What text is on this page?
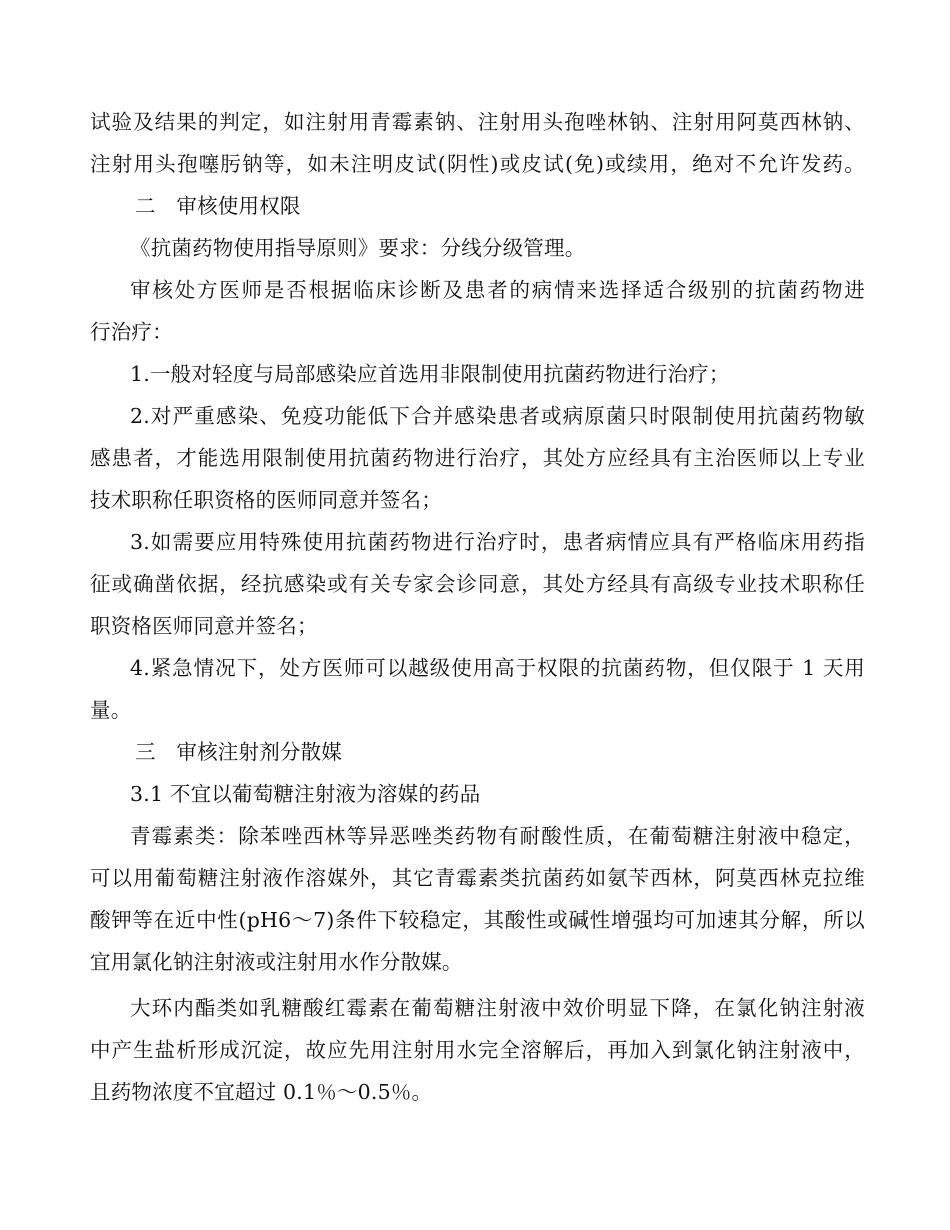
试验及结果的判定，如注射用青霉素钠、注射用头孢唑林钠、注射用阿莫西林钠、
注射用头孢噻肟钠等，如未注明皮试(阴性)或皮试(免)或续用，绝对不允许发药。
二　审核使用权限
《抗菌药物使用指导原则》要求：分线分级管理。
审核处方医师是否根据临床诊断及患者的病情来选择适合级别的抗菌药物进
行治疗：
1.一般对轻度与局部感染应首选用非限制使用抗菌药物进行治疗；
2.对严重感染、免疫功能低下合并感染患者或病原菌只时限制使用抗菌药物敏
感患者，才能选用限制使用抗菌药物进行治疗，其处方应经具有主治医师以上专业
技术职称任职资格的医师同意并签名；
3.如需要应用特殊使用抗菌药物进行治疗时，患者病情应具有严格临床用药指
征或确凿依据，经抗感染或有关专家会诊同意，其处方经具有高级专业技术职称任
职资格医师同意并签名；
4.紧急情况下，处方医师可以越级使用高于权限的抗菌药物，但仅限于 1 天用
量。
三　审核注射剂分散媒
3.1 不宜以葡萄糖注射液为溶媒的药品
青霉素类：除苯唑西林等异恶唑类药物有耐酸性质，在葡萄糖注射液中稳定，
可以用葡萄糖注射液作溶媒外，其它青霉素类抗菌药如氨苄西林，阿莫西林克拉维
酸钾等在近中性(pH6～7)条件下较稳定，其酸性或碱性增强均可加速其分解，所以
宜用氯化钠注射液或注射用水作分散媒。
大环内酯类如乳糖酸红霉素在葡萄糖注射液中效价明显下降，在氯化钠注射液
中产生盐析形成沉淀，故应先用注射用水完全溶解后，再加入到氯化钠注射液中，
且药物浓度不宜超过 0.1％～0.5％。
